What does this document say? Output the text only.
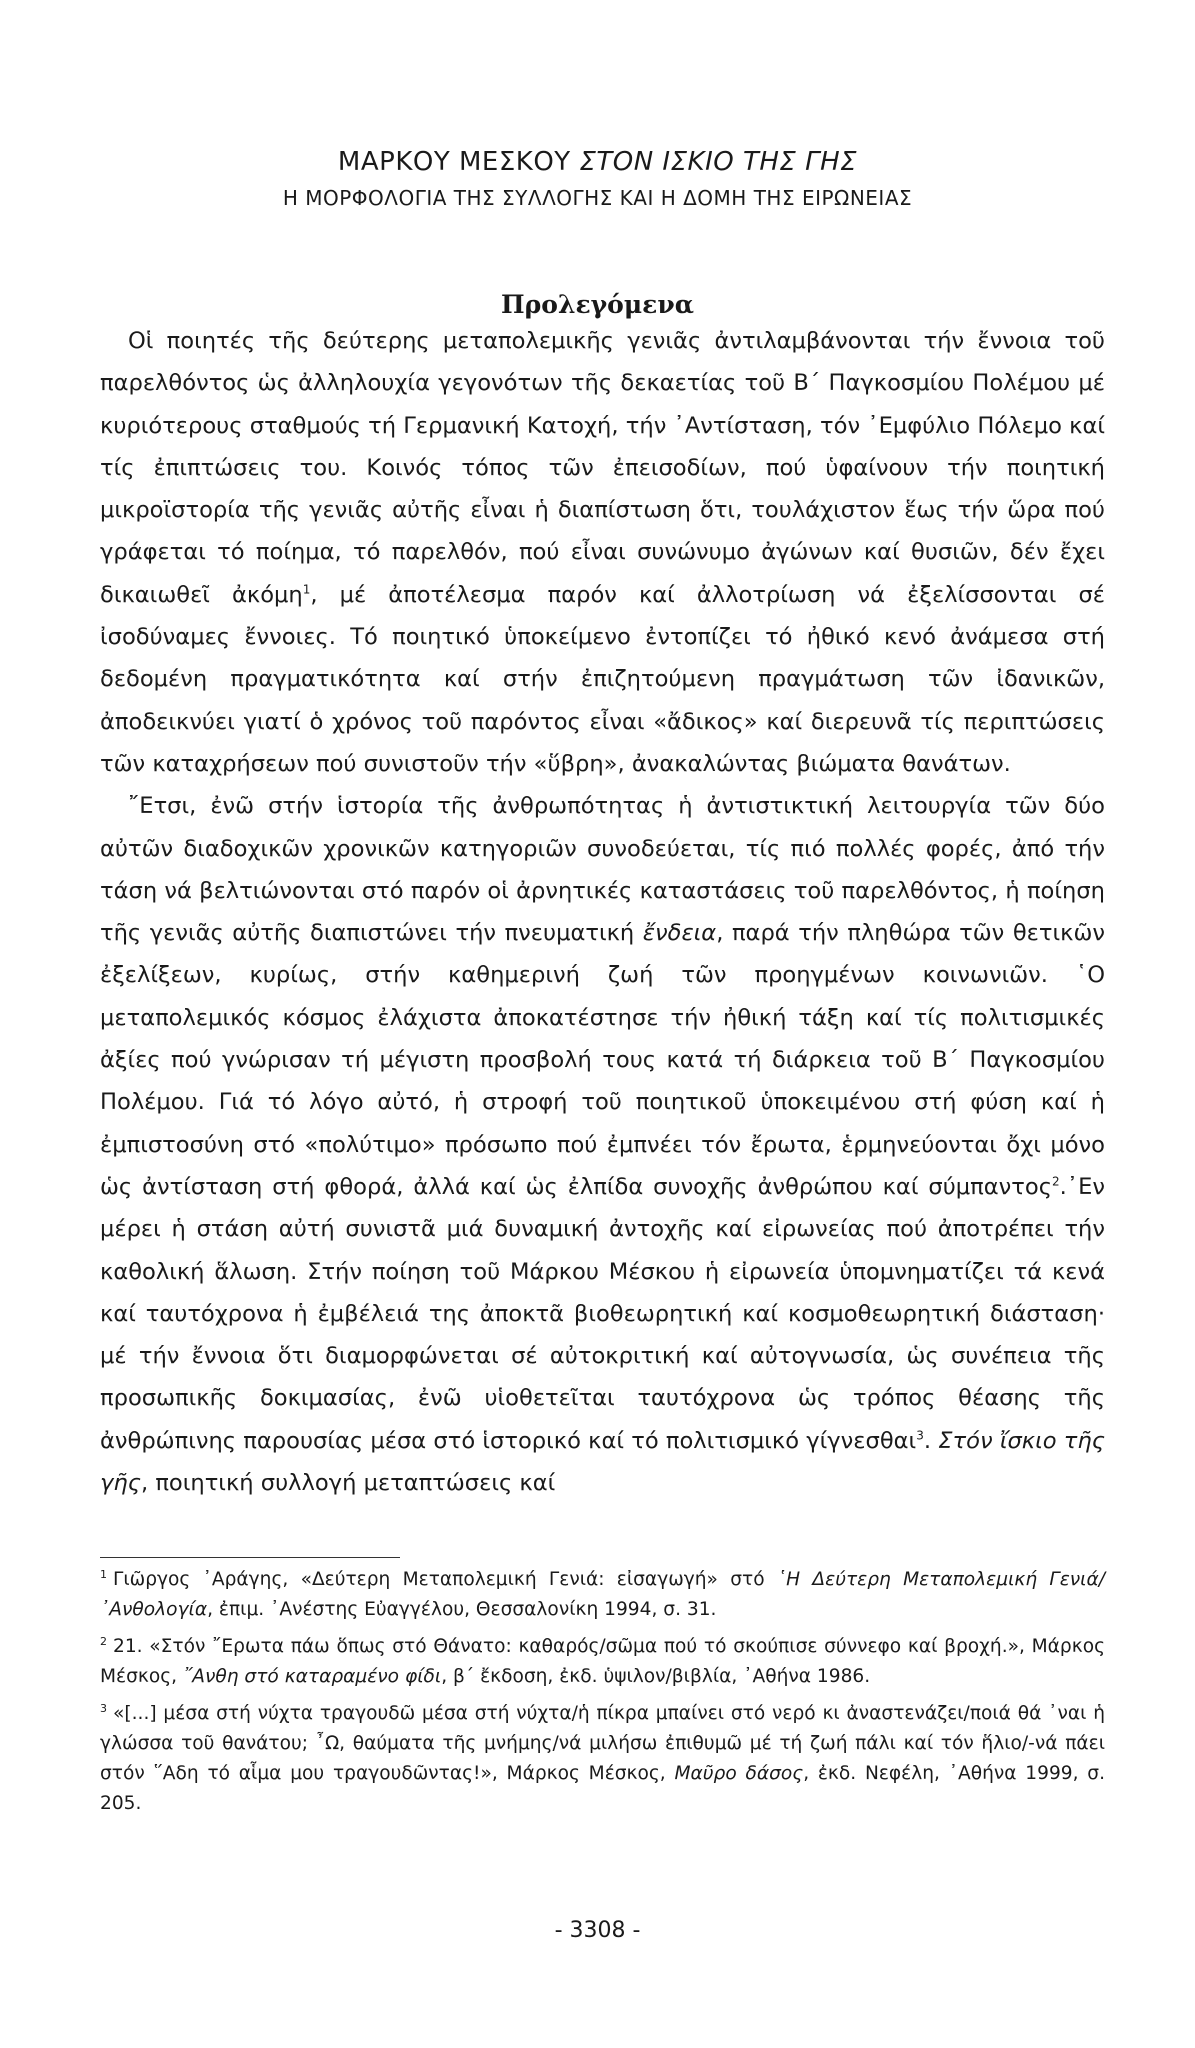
ΜΑΡΚΟΥ ΜΕΣΚΟΥ ΣΤΟΝ ΙΣΚΙΟ ΤΗΣ ΓΗΣ
Η ΜΟΡΦΟΛΟΓΙΑ ΤΗΣ ΣΥΛΛΟΓΗΣ ΚΑΙ Η ΔΟΜΗ ΤΗΣ ΕΙΡΩΝΕΙΑΣ
Προλεγόμενα

Οἱ ποιητές τῆς δεύτερης μεταπολεμικῆς γενιᾶς ἀντιλαμβάνονται τήν ἔννοια τοῦ παρελθόντος ὡς ἀλληλουχία γεγονότων τῆς δεκαετίας τοῦ Β΄ Παγκοσμίου Πολέμου μέ κυριότερους σταθμούς τή Γερμανική Κατοχή, τήν ᾽Αντίσταση, τόν ᾽Εμφύλιο Πόλεμο καί τίς ἐπιπτώσεις του. Κοινός τόπος τῶν ἐπεισοδίων, πού ὑφαίνουν τήν ποιητική μικροϊστορία τῆς γενιᾶς αὐτῆς εἶναι ἡ διαπίστωση ὅτι, τουλάχιστον ἕως τήν ὥρα πού γράφεται τό ποίημα, τό παρελθόν, πού εἶναι συνώνυμο ἀγώνων καί θυσιῶν, δέν ἔχει δικαιωθεῖ ἀκόμη$^1$, μέ ἀποτέλεσμα παρόν καί ἀλλοτρίωση νά ἐξελίσσονται σέ ἰσοδύναμες ἔννοιες. Τό ποιητικό ὑποκείμενο ἐντοπίζει τό ἠθικό κενό ἀνάμεσα στή δεδομένη πραγματικότητα καί στήν ἐπιζητούμενη πραγμάτωση τῶν ἰδανικῶν, ἀποδεικνύει γιατί ὁ χρόνος τοῦ παρόντος εἶναι «ἄδικος» καί διερευνᾶ τίς περιπτώσεις τῶν καταχρήσεων πού συνιστοῦν τήν «ὕβρη», ἀνακαλώντας βιώματα θανάτων.

῎Ετσι, ἐνῶ στήν ἱστορία τῆς ἀνθρωπότητας ἡ ἀντιστικτική λειτουργία τῶν δύο αὐτῶν διαδοχικῶν χρονικῶν κατηγοριῶν συνοδεύεται, τίς πιό πολλές φορές, ἀπό τήν τάση νά βελτιώνονται στό παρόν οἱ ἀρνητικές καταστάσεις τοῦ παρελθόντος, ἡ ποίηση τῆς γενιᾶς αὐτῆς διαπιστώνει τήν πνευματική ἔνδεια, παρά τήν πληθώρα τῶν θετικῶν ἐξελίξεων, κυρίως, στήν καθημερινή ζωή τῶν προηγμένων κοινωνιῶν. ῾Ο μεταπολεμικός κόσμος ἐλάχιστα ἀποκατέστησε τήν ἠθική τάξη καί τίς πολιτισμικές ἀξίες πού γνώρισαν τή μέγιστη προσβολή τους κατά τή διάρκεια τοῦ Β΄ Παγκοσμίου Πολέμου. Γιά τό λόγο αὐτό, ἡ στροφή τοῦ ποιητικοῦ ὑποκειμένου στή φύση καί ἡ ἐμπιστοσύνη στό «πολύτιμο» πρόσωπο πού ἐμπνέει τόν ἔρωτα, ἑρμηνεύονται ὄχι μόνο ὡς ἀντίσταση στή φθορά, ἀλλά καί ὡς ἐλπίδα συνοχῆς ἀνθρώπου καί σύμπαντος$^2$.᾽Εν μέρει ἡ στάση αὐτή συνιστᾶ μιά δυναμική ἀντοχῆς καί εἰρωνείας πού ἀποτρέπει τήν καθολική ἅλωση. Στήν ποίηση τοῦ Μάρκου Μέσκου ἡ εἰρωνεία ὑπομνηματίζει τά κενά καί ταυτόχρονα ἡ ἐμβέλειά της ἀποκτᾶ βιοθεωρητική καί κοσμοθεωρητική διάσταση· μέ τήν ἔννοια ὅτι διαμορφώνεται σέ αὐτοκριτική καί αὐτογνωσία, ὡς συνέπεια τῆς προσωπικῆς δοκιμασίας, ἐνῶ υἱοθετεῖται ταυτόχρονα ὡς τρόπος θέασης τῆς ἀνθρώπινης παρουσίας μέσα στό ἱστορικό καί τό πολιτισμικό γίγνεσθαι$^3$. Στόν ἴσκιο τῆς γῆς, ποιητική συλλογή μεταπτώσεις καί

$^1$ Γιῶργος ᾽Αράγης, «Δεύτερη Μεταπολεμική Γενιά: εἰσαγωγή» στό ῾Η Δεύτερη Μεταπολεμική Γενιά/᾽Ανθολογία, ἐπιμ. ᾽Ανέστης Εὐαγγέλου, Θεσσαλονίκη 1994, σ. 31.

$^2$ 21. «Στόν ῎Ερωτα πάω ὅπως στό Θάνατο: καθαρός/σῶμα πού τό σκούπισε σύννεφο καί βροχή.», Μάρκος Μέσκος, ῎Ανθη στό καταραμένο φίδι, β΄ ἔκδοση, ἐκδ. ὑψιλον/βιβλία, ᾽Αθήνα 1986.

$^3$ «[...] μέσα στή νύχτα τραγουδῶ μέσα στή νύχτα/ἡ πίκρα μπαίνει στό νερό κι ἀναστενάζει/ποιά θά ᾽ναι ἡ γλώσσα τοῦ θανάτου; ῏Ω, θαύματα τῆς μνήμης/νά μιλήσω ἐπιθυμῶ μέ τή ζωή πάλι καί τόν ἥλιο/-νά πάει στόν ῞Αδη τό αἷμα μου τραγουδῶντας!», Μάρκος Μέσκος, Μαῦρο δάσος, ἐκδ. Νεφέλη, ᾽Αθήνα 1999, σ. 205.

- 3308 -
